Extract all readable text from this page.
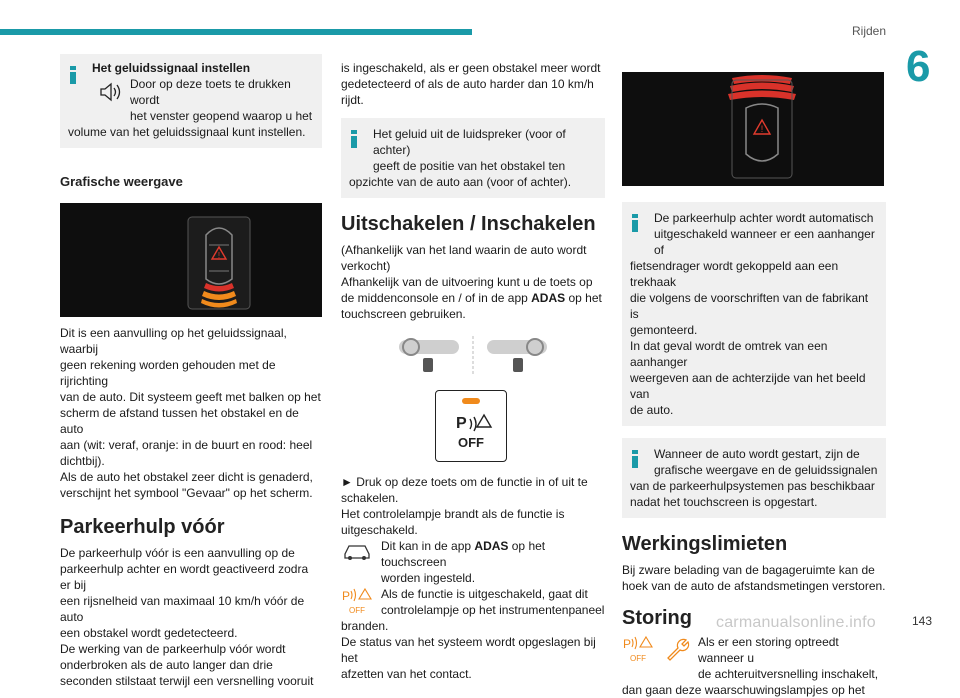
Rijden
6
143
carmanualsonline.info

Het geluidssignaal instellen

Door op deze toets te drukken wordt

het venster geopend waarop u het

volume van het geluidssignaal kunt instellen.

Grafische weergave
!

Dit is een aanvulling op het geluidssignaal, waarbij

geen rekening worden gehouden met de rijrichting

van de auto. Dit systeem geeft met balken op het

scherm de afstand tussen het obstakel en de auto

aan (wit: veraf, oranje: in de buurt en rood: heel

dichtbij).

Als de auto het obstakel zeer dicht is genaderd,

verschijnt het symbool "Gevaar" op het scherm.

Parkeerhulp vóór

De parkeerhulp vóór is een aanvulling op de

parkeerhulp achter en wordt geactiveerd zodra er bij

een rijsnelheid van maximaal 10 km/h vóór de auto

een obstakel wordt gedetecteerd.

De werking van de parkeerhulp vóór wordt

onderbroken als de auto langer dan drie

seconden stilstaat terwijl een versnelling vooruit

is ingeschakeld, als er geen obstakel meer wordt

gedetecteerd of als de auto harder dan 10 km/h rijdt.

Het geluid uit de luidspreker (voor of achter)

geeft de positie van het obstakel ten

opzichte van de auto aan (voor of achter).

Uitschakelen / Inschakelen

(Afhankelijk van het land waarin de auto wordt

verkocht)

Afhankelijk van de uitvoering kunt u de toets op

de middenconsole en / of in de app ADAS op het

touchscreen gebruiken.

P
OFF

► Druk op deze toets om de functie in of uit te

schakelen.

Het controlelampje brandt als de functie is

uitgeschakeld.

Dit kan in de app ADAS op het touchscreen

worden ingesteld.

P
OFF

Als de functie is uitgeschakeld, gaat dit

controlelampje op het instrumentenpaneel

branden.

De status van het systeem wordt opgeslagen bij het

afzetten van het contact.

!

De parkeerhulp achter wordt automatisch

uitgeschakeld wanneer er een aanhanger of

fietsendrager wordt gekoppeld aan een trekhaak

die volgens de voorschriften van de fabrikant is

gemonteerd.

In dat geval wordt de omtrek van een aanhanger

weergeven aan de achterzijde van het beeld van

de auto.

Wanneer de auto wordt gestart, zijn de

grafische weergave en de geluidssignalen

van de parkeerhulpsystemen pas beschikbaar

nadat het touchscreen is opgestart.

Werkingslimieten

Bij zware belading van de bagageruimte kan de

hoek van de auto de afstandsmetingen verstoren.

Storing
P
OFF

Als er een storing optreedt wanneer u

de achteruitversnelling inschakelt,

dan gaan deze waarschuwingslampjes op het
